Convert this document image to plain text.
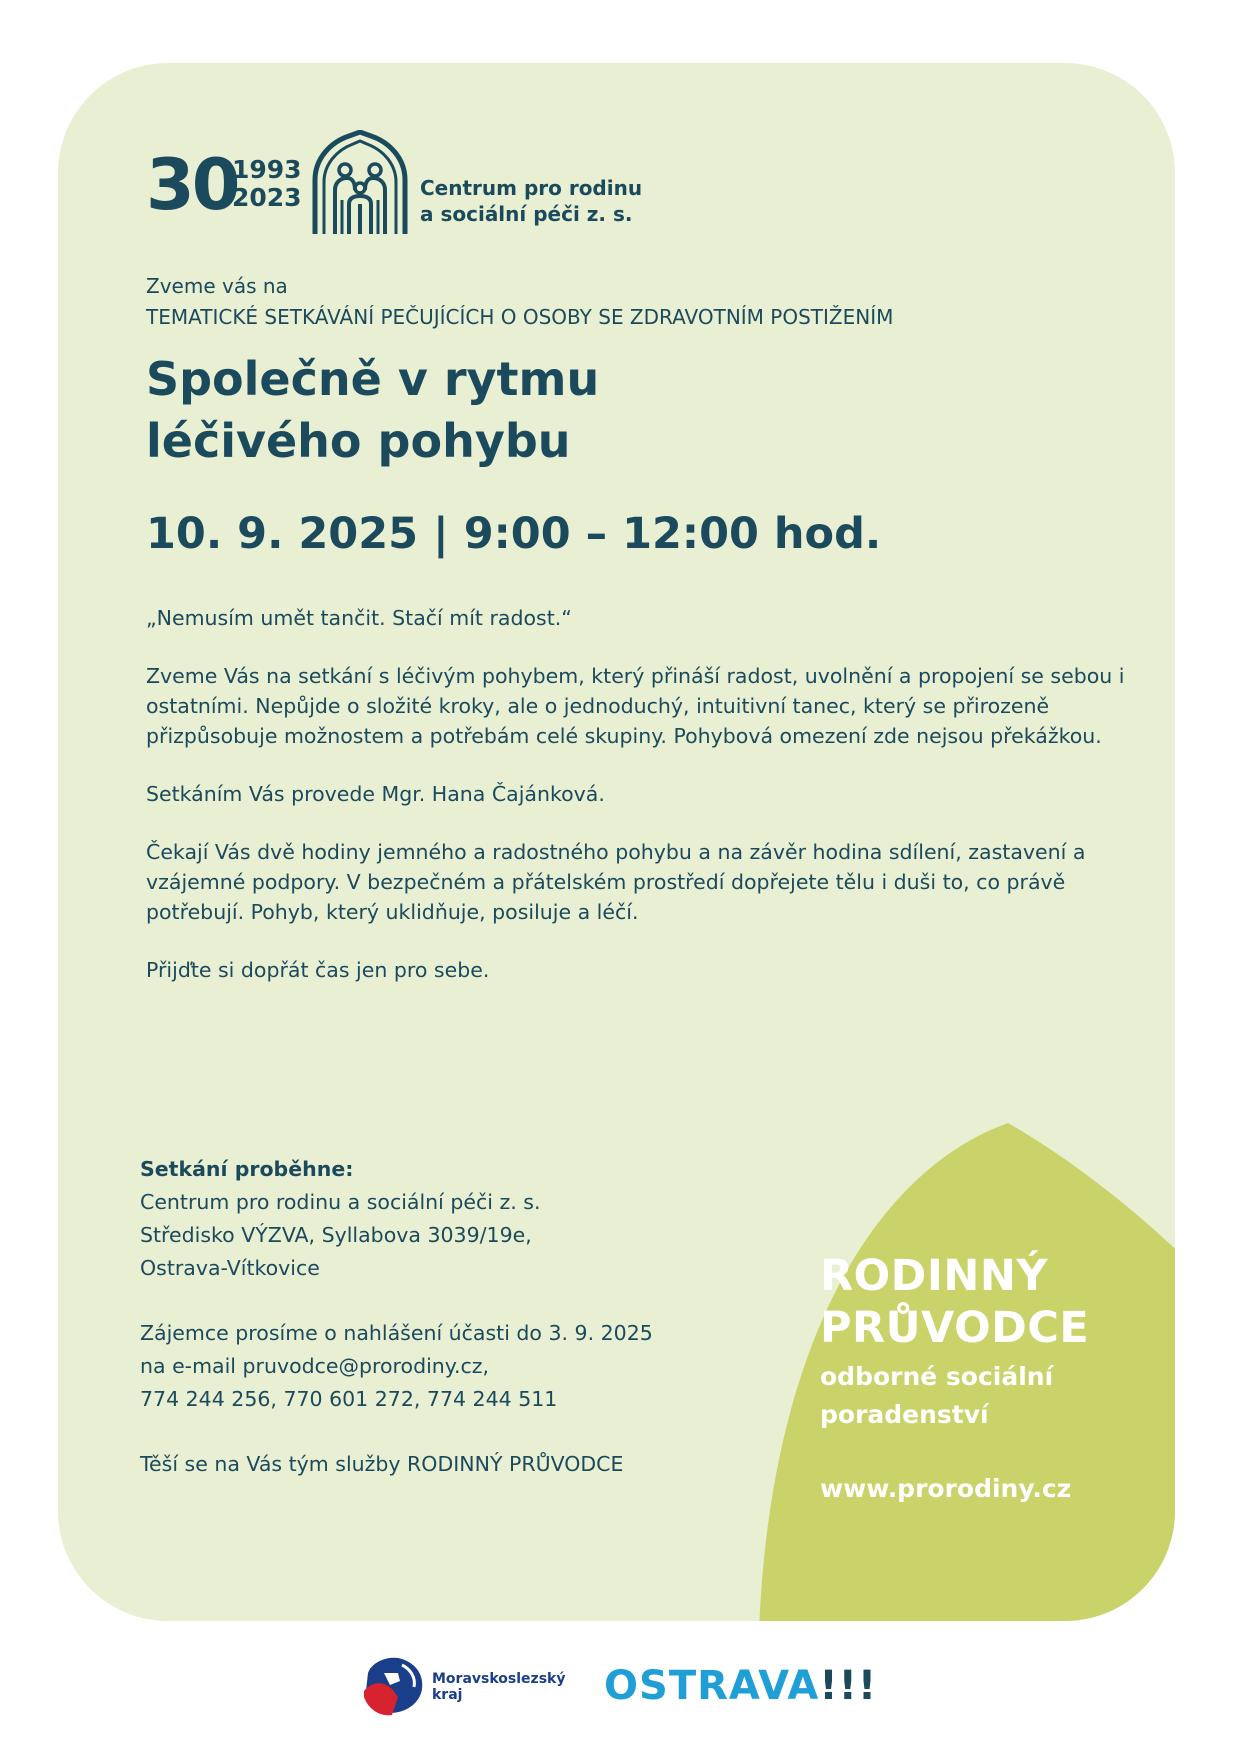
30
1993
2023	Centrum pro rodinu
a sociální péči z. s.
Zveme vás na
TEMATICKÉ SETKÁVÁNÍ PEČUJÍCÍCH O OSOBY SE ZDRAVOTNÍM POSTIŽENÍM
Společně v rytmu
léčivého pohybu
10. 9. 2025 | 9:00 – 12:00 hod.

„Nemusím umět tančit. Stačí mít radost.“

Zveme Vás na setkání s léčivým pohybem, který přináší radost, uvolnění a propojení se sebou i ostatními. Nepůjde o složité kroky, ale o jednoduchý, intuitivní tanec, který se přirozeně přizpůsobuje možnostem a potřebám celé skupiny. Pohybová omezení zde nejsou překážkou.

Setkáním Vás provede Mgr. Hana Čajánková.

Čekají Vás dvě hodiny jemného a radostného pohybu a na závěr hodina sdílení, zastavení a vzájemné podpory. V bezpečném a přátelském prostředí dopřejete tělu i duši to, co právě potřebují. Pohyb, který uklidňuje, posiluje a léčí.

Přijďte si dopřát čas jen pro sebe.

Setkání proběhne:
Centrum pro rodinu a sociální péči z. s.
Středisko VÝZVA, Syllabova 3039/19e,
Ostrava-Vítkovice

Zájemce prosíme o nahlášení účasti do 3. 9. 2025
na e-mail pruvodce@prorodiny.cz,
774 244 256, 770 601 272, 774 244 511

Těší se na Vás tým služby RODINNÝ PRŮVODCE

RODINNÝ
PRŮVODCE
odborné sociální
poradenství
www.prorodiny.cz
Moravskoslezský
kraj	OSTRAVA!!!
